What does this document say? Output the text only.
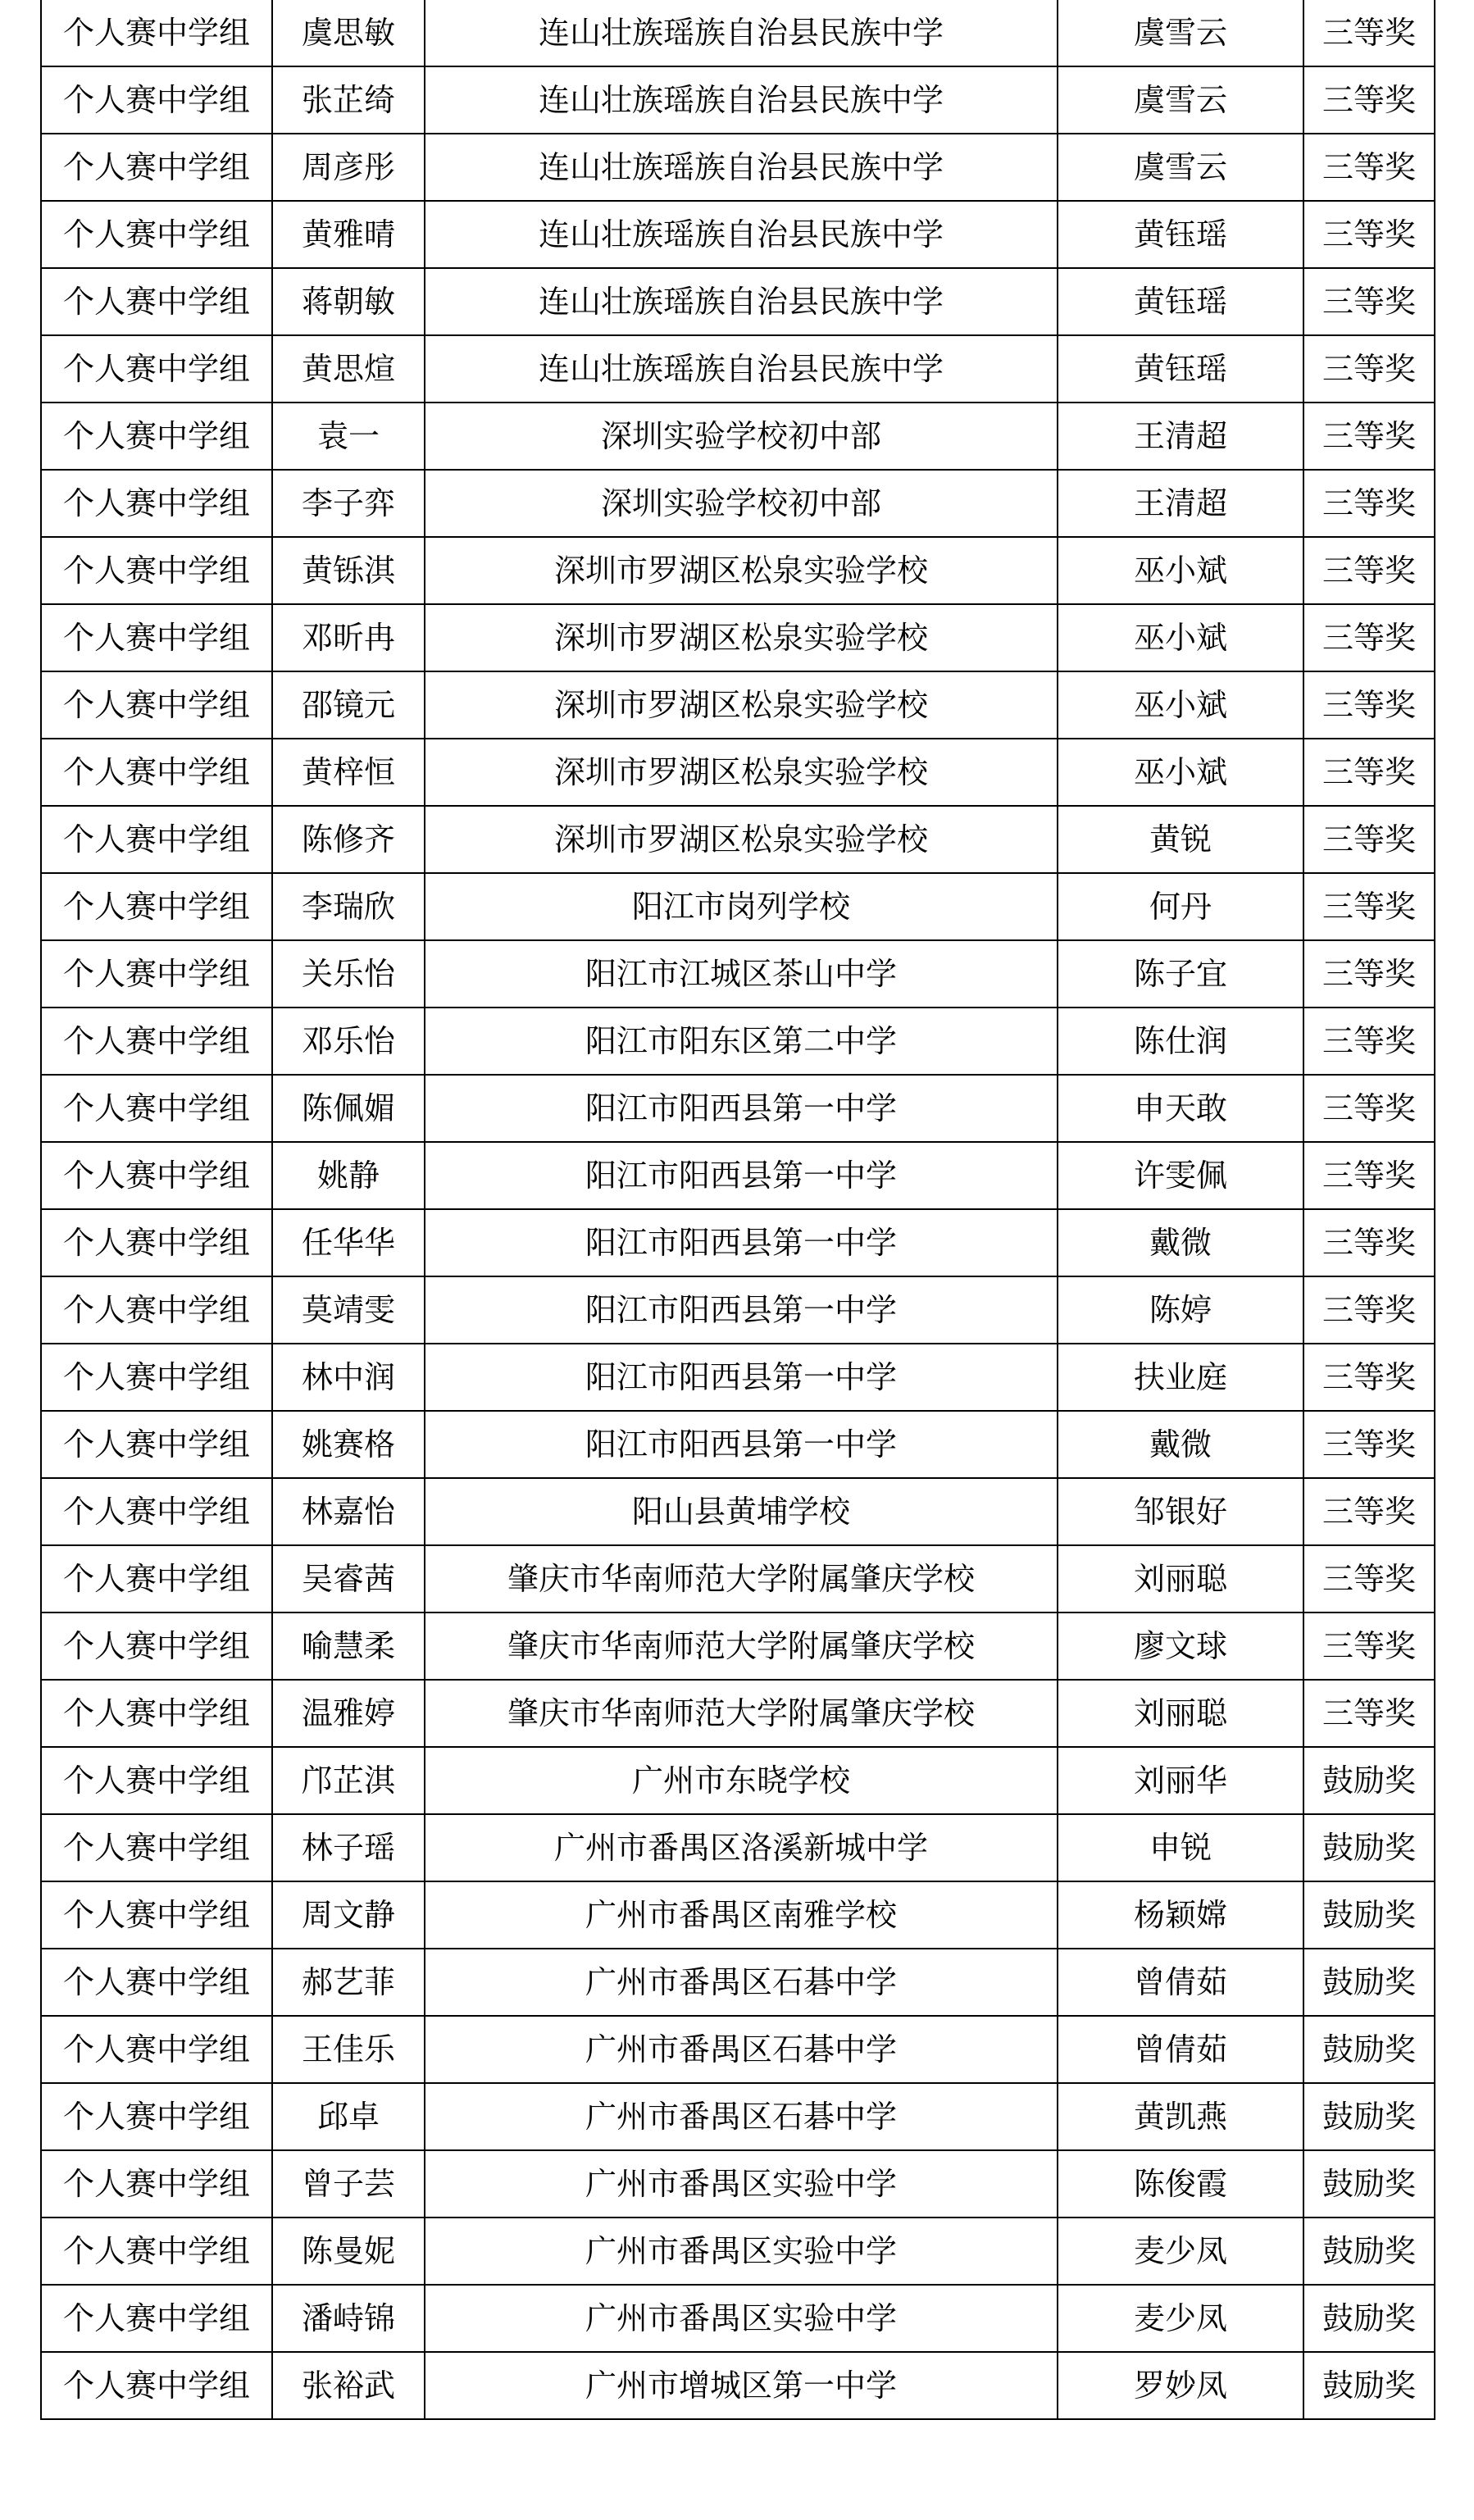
个人赛中学组	虞思敏	连山壮族瑶族自治县民族中学	虞雪云	三等奖
个人赛中学组	张芷绮	连山壮族瑶族自治县民族中学	虞雪云	三等奖
个人赛中学组	周彦彤	连山壮族瑶族自治县民族中学	虞雪云	三等奖
个人赛中学组	黄雅晴	连山壮族瑶族自治县民族中学	黄钰瑶	三等奖
个人赛中学组	蒋朝敏	连山壮族瑶族自治县民族中学	黄钰瑶	三等奖
个人赛中学组	黄思煊	连山壮族瑶族自治县民族中学	黄钰瑶	三等奖
个人赛中学组	袁一	深圳实验学校初中部	王清超	三等奖
个人赛中学组	李子弈	深圳实验学校初中部	王清超	三等奖
个人赛中学组	黄铄淇	深圳市罗湖区松泉实验学校	巫小斌	三等奖
个人赛中学组	邓昕冉	深圳市罗湖区松泉实验学校	巫小斌	三等奖
个人赛中学组	邵镜元	深圳市罗湖区松泉实验学校	巫小斌	三等奖
个人赛中学组	黄梓恒	深圳市罗湖区松泉实验学校	巫小斌	三等奖
个人赛中学组	陈修齐	深圳市罗湖区松泉实验学校	黄锐	三等奖
个人赛中学组	李瑞欣	阳江市岗列学校	何丹	三等奖
个人赛中学组	关乐怡	阳江市江城区茶山中学	陈子宜	三等奖
个人赛中学组	邓乐怡	阳江市阳东区第二中学	陈仕润	三等奖
个人赛中学组	陈佩媚	阳江市阳西县第一中学	申天敢	三等奖
个人赛中学组	姚静	阳江市阳西县第一中学	许雯佩	三等奖
个人赛中学组	任华华	阳江市阳西县第一中学	戴微	三等奖
个人赛中学组	莫靖雯	阳江市阳西县第一中学	陈婷	三等奖
个人赛中学组	林中润	阳江市阳西县第一中学	扶业庭	三等奖
个人赛中学组	姚赛格	阳江市阳西县第一中学	戴微	三等奖
个人赛中学组	林嘉怡	阳山县黄埔学校	邹银好	三等奖
个人赛中学组	吴睿茜	肇庆市华南师范大学附属肇庆学校	刘丽聪	三等奖
个人赛中学组	喻慧柔	肇庆市华南师范大学附属肇庆学校	廖文球	三等奖
个人赛中学组	温雅婷	肇庆市华南师范大学附属肇庆学校	刘丽聪	三等奖
个人赛中学组	邝芷淇	广州市东晓学校	刘丽华	鼓励奖
个人赛中学组	林子瑶	广州市番禺区洛溪新城中学	申锐	鼓励奖
个人赛中学组	周文静	广州市番禺区南雅学校	杨颖嫦	鼓励奖
个人赛中学组	郝艺菲	广州市番禺区石碁中学	曾倩茹	鼓励奖
个人赛中学组	王佳乐	广州市番禺区石碁中学	曾倩茹	鼓励奖
个人赛中学组	邱卓	广州市番禺区石碁中学	黄凯燕	鼓励奖
个人赛中学组	曾子芸	广州市番禺区实验中学	陈俊霞	鼓励奖
个人赛中学组	陈曼妮	广州市番禺区实验中学	麦少凤	鼓励奖
个人赛中学组	潘峙锦	广州市番禺区实验中学	麦少凤	鼓励奖
个人赛中学组	张裕武	广州市增城区第一中学	罗妙凤	鼓励奖
